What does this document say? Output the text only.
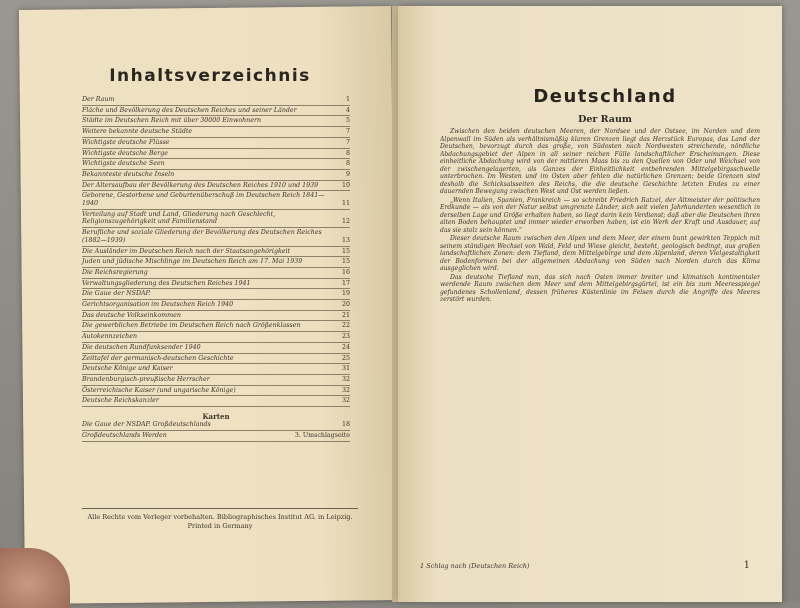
Inhaltsverzeichnis
Der Raum	1
Fläche und Bevölkerung des Deutschen Reiches und seiner Länder	4
Städte im Deutschen Reich mit über 30000 Einwohnern	5
Weitere bekannte deutsche Städte	7
Wichtigste deutsche Flüsse	7
Wichtigste deutsche Berge	8
Wichtigste deutsche Seen	8
Bekannteste deutsche Inseln	9
Der Altersaufbau der Bevölkerung des Deutschen Reiches 1910 und 1939	10
Geborene, Gestorbene und Geburtenüberschuß im Deutschen Reich 1841—1940	11
Verteilung auf Stadt und Land, Gliederung nach Geschlecht, Religionszugehörigkeit und Familienstand	12
Berufliche und soziale Gliederung der Bevölkerung des Deutschen Reiches (1882—1939)	13
Die Ausländer im Deutschen Reich nach der Staatsangehörigkeit	15
Juden und jüdische Mischlinge im Deutschen Reich am 17. Mai 1939	15
Die Reichsregierung	16
Verwaltungsgliederung des Deutschen Reiches 1941	17
Die Gaue der NSDAP.	19
Gerichtsorganisation im Deutschen Reich 1940	20
Das deutsche Volkseinkommen	21
Die gewerblichen Betriebe im Deutschen Reich nach Größenklassen	22
Autokennzeichen	23
Die deutschen Rundfunksender 1940	24
Zeittafel der germanisch-deutschen Geschichte	25
Deutsche Könige und Kaiser	31
Brandenburgisch-preußische Herrscher	32
Österreichische Kaiser (und ungarische Könige)	32
Deutsche Reichskanzler	32
Karten
Die Gaue der NSDAP. Großdeutschlands	18
Großdeutschlands Werden	3. Umschlagseite
Alle Rechte vom Verleger vorbehalten. Bibliographisches Institut AG. in Leipzig.
Printed in Germany
Deutschland
Der Raum

Zwischen den beiden deutschen Meeren, der Nordsee und der Ostsee, im Norden und dem Alpenwall im Süden als verhältnismäßig klaren Grenzen liegt das Herzstück Europas, das Land der Deutschen, bevorzugt durch das große, von Südosten nach Nordwesten streichende, nördliche Abdachungsgebiet der Alpen in all seiner reichen Fülle landschaftlicher Erscheinungen. Diese einheitliche Abdachung wird von der mittleren Maas bis zu den Quellen von Oder und Weichsel von der zwischengelagerten, als Ganzes der Einheitlichkeit entbehrenden Mittelgebirgsschwelle unterbrochen. Im Westen und im Osten aber fehlen die natürlichen Grenzen; beide Grenzen sind deshalb die Schicksalsseiten des Reichs, die die deutsche Geschichte letzten Endes zu einer dauernden Bewegung zwischen West und Ost werden ließen.

„Wenn Italien, Spanien, Frankreich — so schreibt Friedrich Ratzel, der Altmeister der politischen Erdkunde — als von der Natur selbst umgrenzte Länder, sich seit vielen Jahrhunderten wesentlich in derselben Lage und Größe erhalten haben, so liegt darin kein Verdienst; daß aber die Deutschen ihren alten Boden behauptet und immer wieder erworben haben, ist ein Werk der Kraft und Ausdauer, auf das sie stolz sein können.“

Dieser deutsche Raum zwischen den Alpen und dem Meer, der einem bunt gewirkten Teppich mit seinem ständigen Wechsel von Wald, Feld und Wiese gleicht, besteht, geologisch bedingt, aus großen landschaftlichen Zonen: dem Tiefland, dem Mittelgebirge und dem Alpenland, deren Vielgestaltigkeit der Bodenformen bei der allgemeinen Abdachung von Süden nach Norden durch das Klima ausgeglichen wird.

Das deutsche Tiefland nun, das sich nach Osten immer breiter und klimatisch kontinentaler werdende Raum zwischen dem Meer und dem Mittelgebirgsgürtel, ist ein bis zum Meeresspiegel gefundenes Schollenland, dessen früheres Küstenlinie im Felsen durch die Angriffe des Meeres zerstört wurden.

1 Schlag nach (Deutschen Reich)	1
